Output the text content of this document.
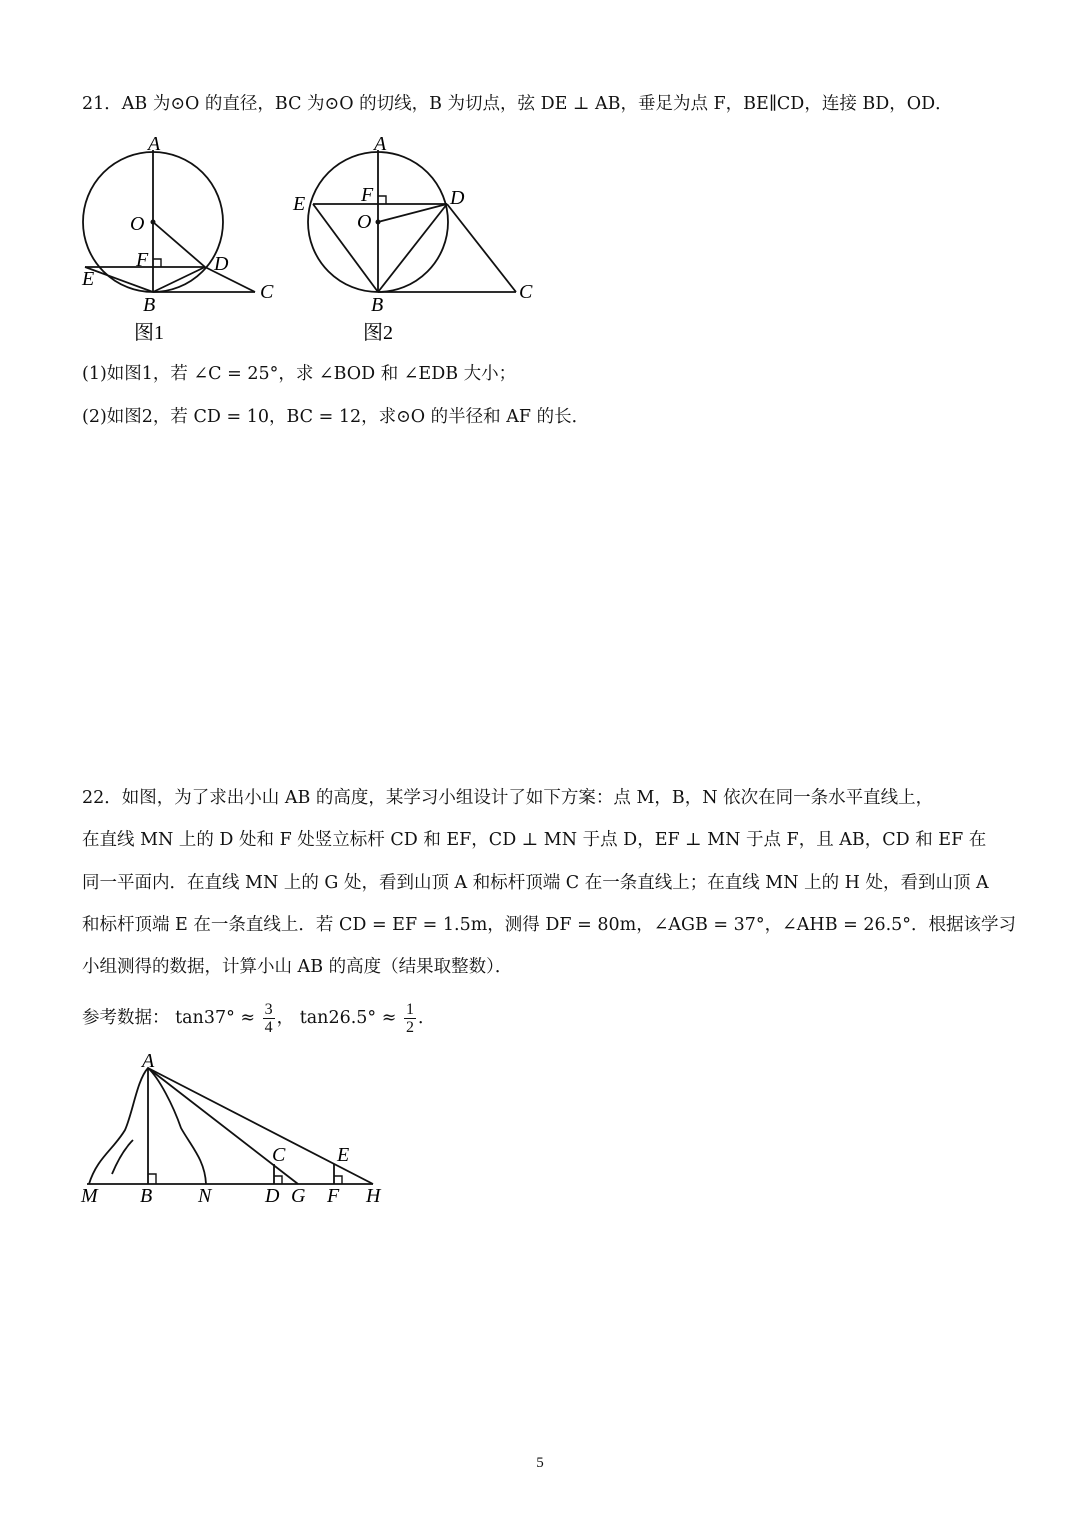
21．AB 为⊙O 的直径，BC 为⊙O 的切线，B 为切点，弦 DE ⊥ AB，垂足为点 F，BE∥CD，连接 BD，OD．
A
O
F	D
E
B
C
图1
A
F	D
E
O
B
C
图2
(1)如图1，若 ∠C = 25°，求 ∠BOD 和 ∠EDB 大小；
(2)如图2，若 CD = 10，BC = 12，求⊙O 的半径和 AF 的长．
22．如图，为了求出小山 AB 的高度，某学习小组设计了如下方案：点 M，B，N 依次在同一条水平直线上，
在直线 MN 上的 D 处和 F 处竖立标杆 CD 和 EF，CD ⊥ MN 于点 D，EF ⊥ MN 于点 F，且 AB，CD 和 EF 在
同一平面内．在直线 MN 上的 G 处，看到山顶 A 和标杆顶端 C 在一条直线上；在直线 MN 上的 H 处，看到山顶 A
和标杆顶端 E 在一条直线上．若 CD = EF = 1.5m，测得 DF = 80m，∠AGB = 37°，∠AHB = 26.5°．根据该学习
小组测得的数据，计算小山 AB 的高度（结果取整数）．
参考数据： $\tan 37^\circ \approx \frac{3}{4}$ ， $\tan 26.5^\circ \approx \frac{1}{2}$ ．
A
C	E
M B N	D G F H
5
